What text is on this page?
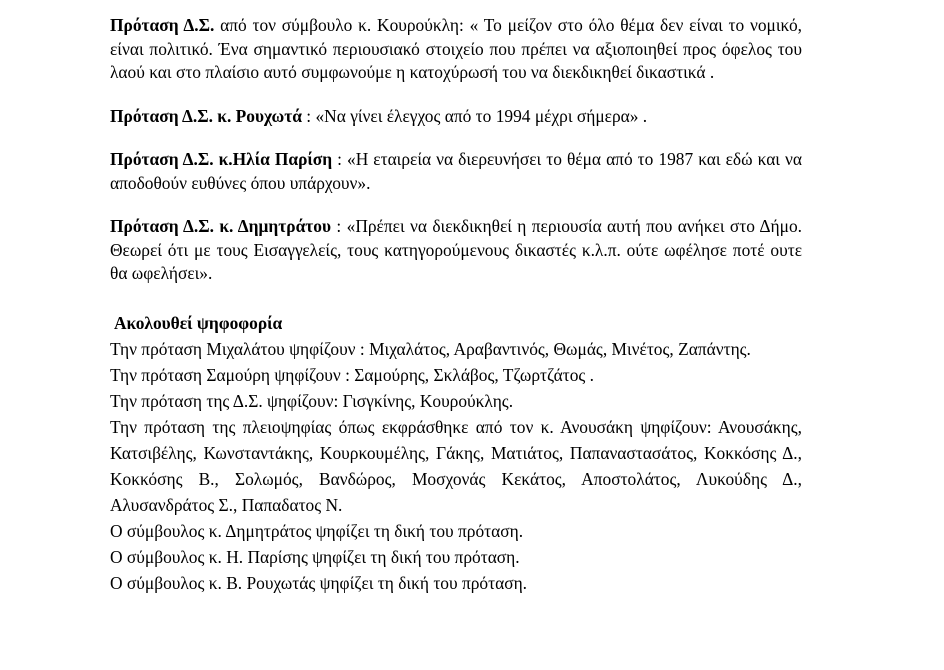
Πρόταση Δ.Σ. από τον σύμβουλο κ. Κουρούκλη: « Το μείζον στο όλο θέμα δεν είναι το νομικό, είναι πολιτικό. Ένα σημαντικό περιουσιακό στοιχείο που πρέπει να αξιοποιηθεί προς όφελος του λαού και στο πλαίσιο αυτό συμφωνούμε η κατοχύρωσή του να διεκδικηθεί δικαστικά .

Πρόταση Δ.Σ. κ. Ρουχωτά : «Να γίνει έλεγχος από το 1994 μέχρι σήμερα» .

Πρόταση Δ.Σ. κ.Ηλία Παρίση : «Η εταιρεία να διερευνήσει το θέμα από το 1987 και εδώ και να αποδοθούν ευθύνες όπου υπάρχουν».

Πρόταση Δ.Σ. κ. Δημητράτου : «Πρέπει να διεκδικηθεί η περιουσία αυτή που ανήκει στο Δήμο. Θεωρεί ότι με τους Εισαγγελείς, τους κατηγορούμενους δικαστές κ.λ.π. ούτε ωφέλησε ποτέ ουτε θα ωφελήσει».

Ακολουθεί ψηφοφορία

Την πρόταση Μιχαλάτου ψηφίζουν : Μιχαλάτος, Αραβαντινός, Θωμάς, Μινέτος, Ζαπάντης.

Την πρόταση Σαμούρη ψηφίζουν : Σαμούρης, Σκλάβος, Τζωρτζάτος .

Την πρόταση της Δ.Σ. ψηφίζουν: Γισγκίνης, Κουρούκλης.

Την πρόταση της πλειοψηφίας όπως εκφράσθηκε από τον κ. Ανουσάκη ψηφίζουν: Ανουσάκης, Κατσιβέλης, Κωνσταντάκης, Κουρκουμέλης, Γάκης, Ματιάτος, Παπαναστασάτος, Κοκκόσης Δ., Κοκκόσης Β., Σολωμός, Βανδώρος, Μοσχονάς Κεκάτος, Αποστολάτος, Λυκούδης Δ., Αλυσανδράτος Σ., Παπαδατος Ν.

Ο σύμβουλος κ. Δημητράτος ψηφίζει τη δική του πρόταση.

Ο σύμβουλος κ. Η. Παρίσης ψηφίζει τη δική του πρόταση.

Ο σύμβουλος κ. Β. Ρουχωτάς ψηφίζει τη δική του πρόταση.
